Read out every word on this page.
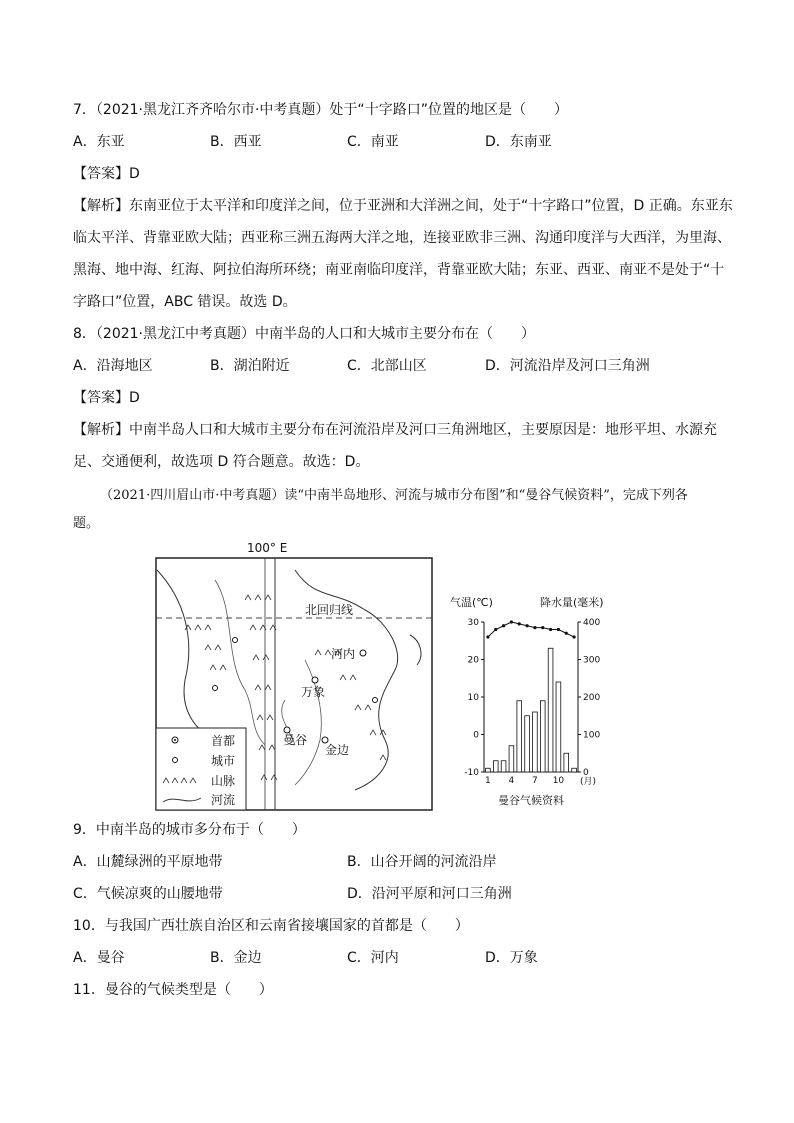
7．（2021·黑龙江齐齐哈尔市·中考真题）处于“十字路口”位置的地区是（　　）
A．东亚	B．西亚	C．南亚	D．东南亚
【答案】D
【解析】东南亚位于太平洋和印度洋之间，位于亚洲和大洋洲之间，处于“十字路口”位置，D 正确。东亚东
临太平洋、背靠亚欧大陆；西亚称三洲五海两大洋之地，连接亚欧非三洲、沟通印度洋与大西洋，为里海、
黑海、地中海、红海、阿拉伯海所环绕；南亚南临印度洋，背靠亚欧大陆；东亚、西亚、南亚不是处于“十
字路口”位置，ABC 错误。故选 D。
8．（2021·黑龙江中考真题）中南半岛的人口和大城市主要分布在（　　）
A．沿海地区	B．湖泊附近	C．北部山区	D．河流沿岸及河口三角洲
【答案】D
【解析】中南半岛人口和大城市主要分布在河流沿岸及河口三角洲地区，主要原因是：地形平坦、水源充
足、交通便利，故选项 D 符合题意。故选：D。
（2021·四川眉山市·中考真题）读“中南半岛地形、河流与城市分布图”和“曼谷气候资料”，完成下列各
题。
100° E
北回归线
河内
万象
曼谷
金边
首都
城市
山脉
河流
气温(℃)	降水量(毫米)
曼谷气候资料
(月)
-10
0
10
20
30
0
100
200
300
400
1 4 7 10
9．中南半岛的城市多分布于（　　）
A．山麓绿洲的平原地带	B．山谷开阔的河流沿岸
C．气候凉爽的山腰地带	D．沿河平原和河口三角洲
10．与我国广西壮族自治区和云南省接壤国家的首都是（　　）
A．曼谷	B．金边	C．河内	D．万象
11．曼谷的气候类型是（　　）
